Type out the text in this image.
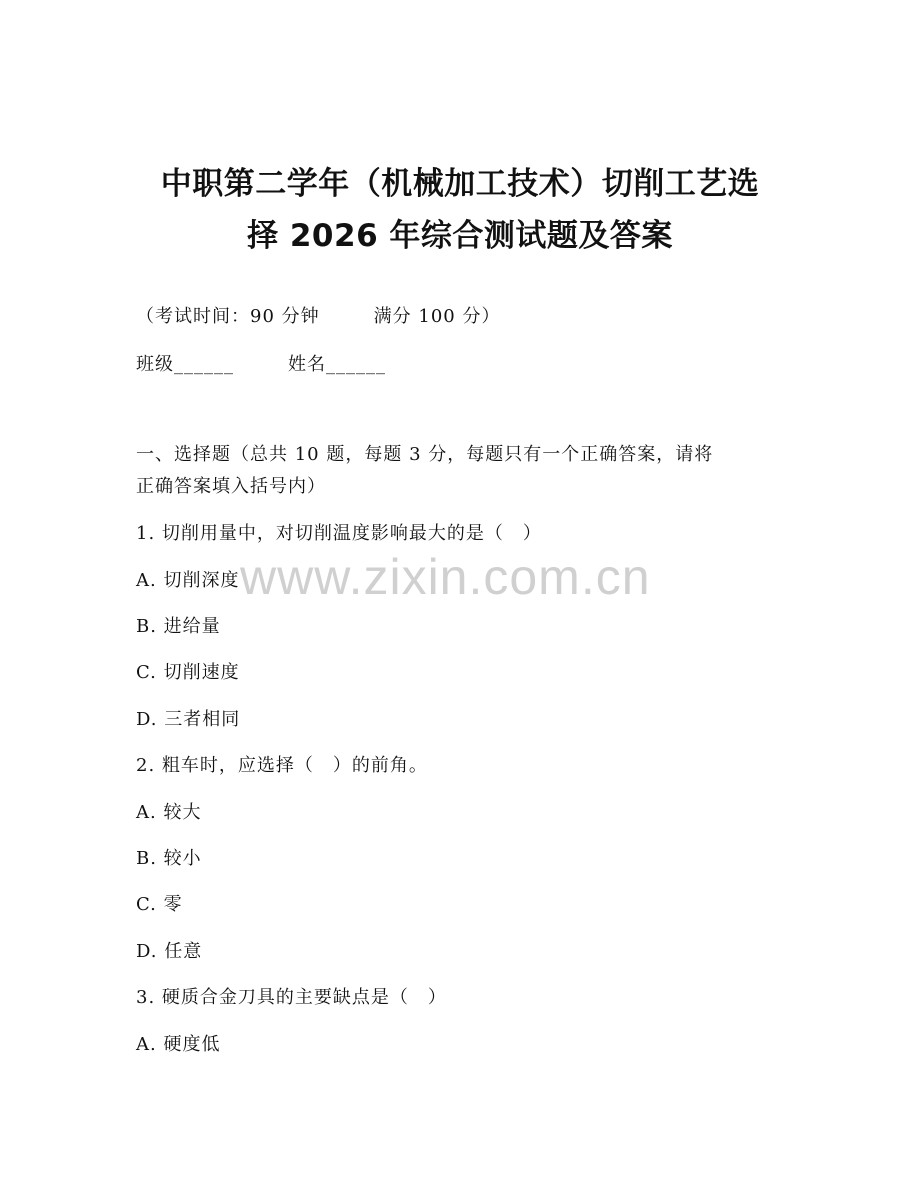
中职第二学年（机械加工技术）切削工艺选
择 2026 年综合测试题及答案
（考试时间：90 分钟	满分 100 分）
班级______	姓名______
一、选择题（总共 10 题，每题 3 分，每题只有一个正确答案，请将
正确答案填入括号内）
1. 切削用量中，对切削温度影响最大的是（　）
A. 切削深度
B. 进给量
C. 切削速度
D. 三者相同
2. 粗车时，应选择（　）的前角。
A. 较大
B. 较小
C. 零
D. 任意
3. 硬质合金刀具的主要缺点是（　）
A. 硬度低
www.zixin.com.cn
